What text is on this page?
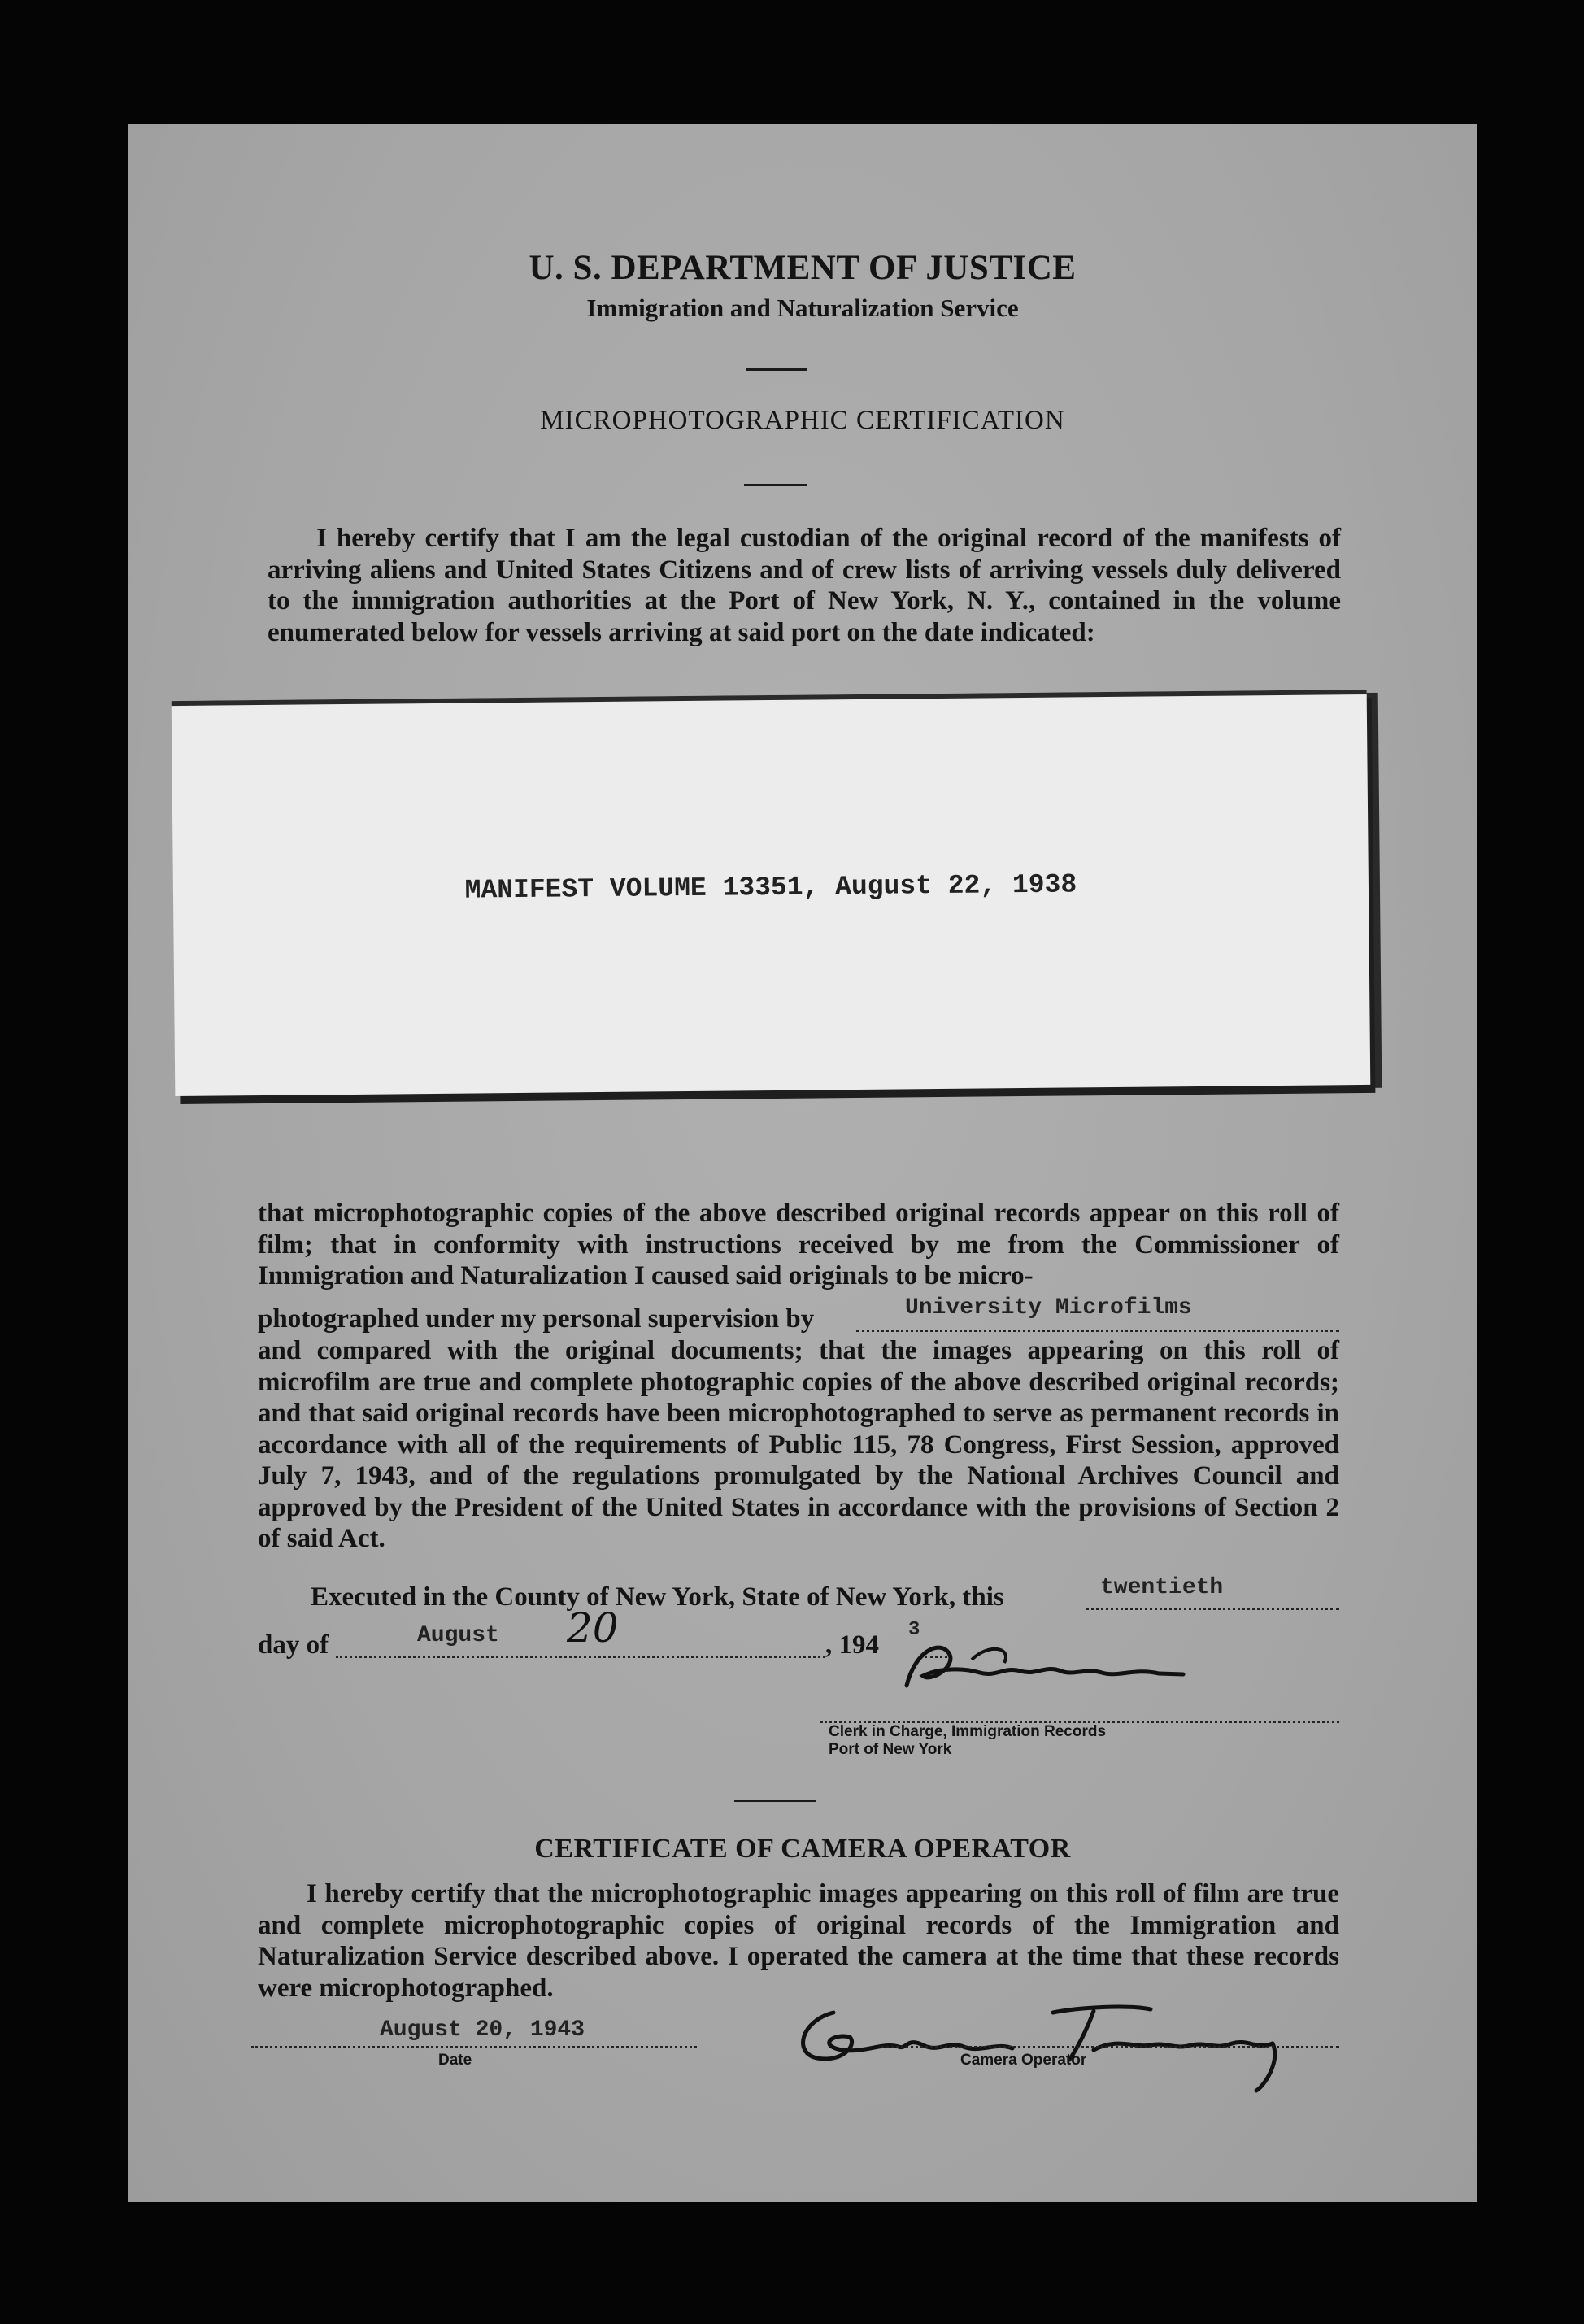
U. S. DEPARTMENT OF JUSTICE
Immigration and Naturalization Service
MICROPHOTOGRAPHIC CERTIFICATION
I hereby certify that I am the legal custodian of the original record of the manifests of arriving aliens and United States Citizens and of crew lists of arriving vessels duly delivered to the immigration authorities at the Port of New York, N. Y., contained in the volume enumerated below for vessels arriving at said port on the date indicated:
MANIFEST VOLUME 13351, August 22, 1938
that microphotographic copies of the above described original records appear on this roll of film; that in conformity with instructions received by me from the Commissioner of Immigration and Naturalization I caused said originals to be micro-
photographed under my personal supervision by	University Microfilms
and compared with the original documents; that the images appearing on this roll of microfilm are true and complete photographic copies of the above described original records; and that said original records have been microphotographed to serve as permanent records in accordance with all of the requirements of Public 115, 78 Congress, First Session, approved July 7, 1943, and of the regulations promulgated by the National Archives Council and approved by the President of the United States in accordance with the provisions of Section 2 of said Act.
Executed in the County of New York, State of New York, this	twentieth
day of	August 20	, 194
3
Clerk in Charge, Immigration Records
Port of New York
CERTIFICATE OF CAMERA OPERATOR
I hereby certify that the microphotographic images appearing on this roll of film are true and complete microphotographic copies of original records of the Immigration and Naturalization Service described above. I operated the camera at the time that these records were microphotographed.
August 20, 1943
Date	Camera Operator
